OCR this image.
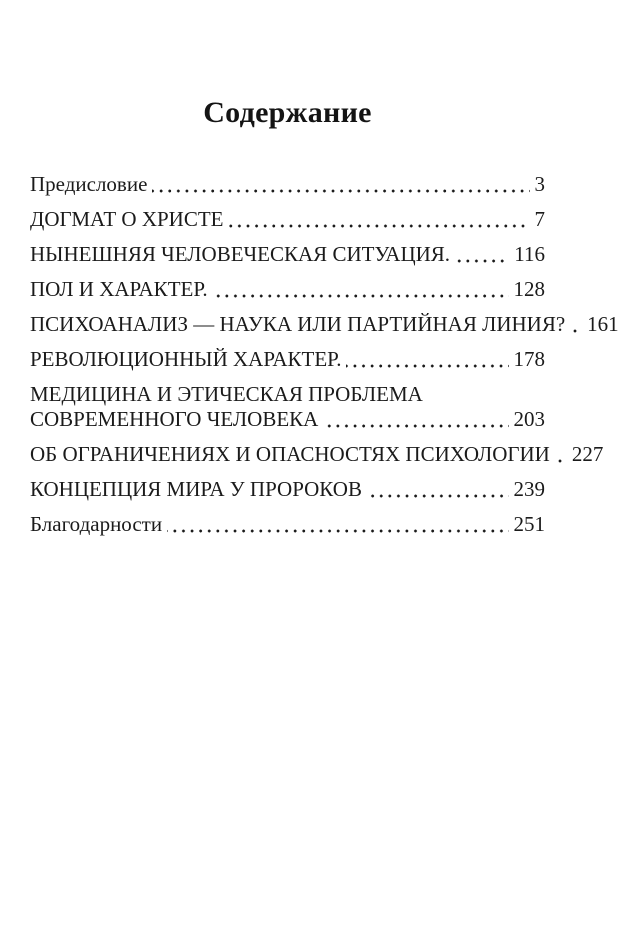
Содержание
Предисловие	3
ДОГМАТ О ХРИСТЕ	7
НЫНЕШНЯЯ ЧЕЛОВЕЧЕСКАЯ СИТУАЦИЯ.	116
ПОЛ И ХАРАКТЕР.	128
ПСИХОАНАЛИЗ — НАУКА ИЛИ ПАРТИЙНАЯ ЛИНИЯ? 161
РЕВОЛЮЦИОННЫЙ ХАРАКТЕР.	178
МЕДИЦИНА И ЭТИЧЕСКАЯ ПРОБЛЕМА
СОВРЕМЕННОГО ЧЕЛОВЕКА	203
ОБ ОГРАНИЧЕНИЯХ И ОПАСНОСТЯХ ПСИХОЛОГИИ 227
КОНЦЕПЦИЯ МИРА У ПРОРОКОВ	239
Благодарности	251
